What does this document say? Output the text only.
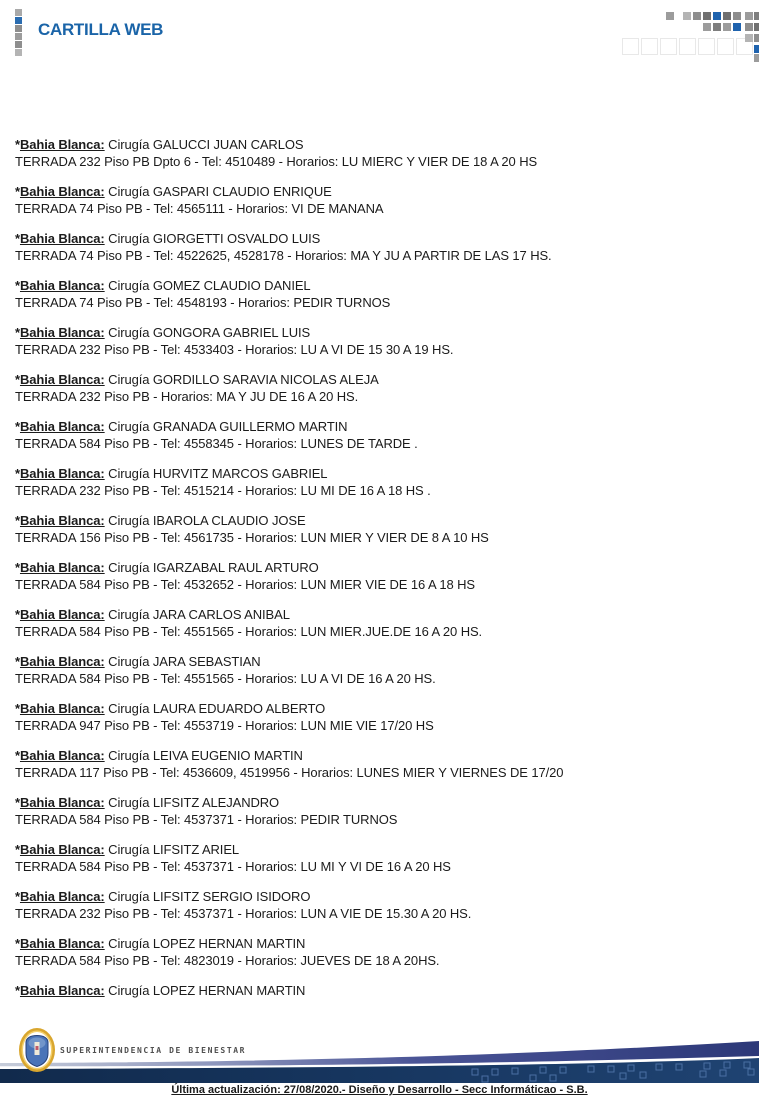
CARTILLA WEB
*Bahia Blanca: Cirugía GALUCCI JUAN CARLOS
TERRADA 232 Piso PB Dpto 6 - Tel: 4510489 - Horarios: LU MIERC Y VIER DE 18 A 20 HS
*Bahia Blanca: Cirugía GASPARI CLAUDIO ENRIQUE
TERRADA 74 Piso PB - Tel: 4565111 - Horarios: VI DE MANANA
*Bahia Blanca: Cirugía GIORGETTI OSVALDO LUIS
TERRADA 74 Piso PB - Tel: 4522625, 4528178 - Horarios: MA Y JU A PARTIR DE LAS 17 HS.
*Bahia Blanca: Cirugía GOMEZ CLAUDIO DANIEL
TERRADA 74 Piso PB - Tel: 4548193 - Horarios: PEDIR TURNOS
*Bahia Blanca: Cirugía GONGORA GABRIEL LUIS
TERRADA 232 Piso PB - Tel: 4533403 - Horarios: LU A VI DE 15 30 A 19 HS.
*Bahia Blanca: Cirugía GORDILLO SARAVIA NICOLAS ALEJA
TERRADA 232 Piso PB - Horarios: MA Y JU DE 16 A 20 HS.
*Bahia Blanca: Cirugía GRANADA GUILLERMO MARTIN
TERRADA 584 Piso PB - Tel: 4558345 - Horarios: LUNES DE TARDE .
*Bahia Blanca: Cirugía HURVITZ MARCOS GABRIEL
TERRADA 232 Piso PB - Tel: 4515214 - Horarios: LU MI DE 16 A 18 HS .
*Bahia Blanca: Cirugía IBAROLA CLAUDIO JOSE
TERRADA 156 Piso PB - Tel: 4561735 - Horarios: LUN MIER Y VIER DE 8 A 10 HS
*Bahia Blanca: Cirugía IGARZABAL RAUL ARTURO
TERRADA 584 Piso PB - Tel: 4532652 - Horarios: LUN MIER VIE DE 16 A 18 HS
*Bahia Blanca: Cirugía JARA CARLOS ANIBAL
TERRADA 584 Piso PB - Tel: 4551565 - Horarios: LUN MIER.JUE.DE 16 A 20 HS.
*Bahia Blanca: Cirugía JARA SEBASTIAN
TERRADA 584 Piso PB - Tel: 4551565 - Horarios: LU A VI DE 16 A 20 HS.
*Bahia Blanca: Cirugía LAURA EDUARDO ALBERTO
TERRADA 947 Piso PB - Tel: 4553719 - Horarios: LUN MIE VIE 17/20 HS
*Bahia Blanca: Cirugía LEIVA EUGENIO MARTIN
TERRADA 117 Piso PB - Tel: 4536609, 4519956 - Horarios: LUNES MIER Y VIERNES DE 17/20
*Bahia Blanca: Cirugía LIFSITZ ALEJANDRO
TERRADA 584 Piso PB - Tel: 4537371 - Horarios: PEDIR TURNOS
*Bahia Blanca: Cirugía LIFSITZ ARIEL
TERRADA 584 Piso PB - Tel: 4537371 - Horarios: LU MI Y VI DE 16 A 20 HS
*Bahia Blanca: Cirugía LIFSITZ SERGIO ISIDORO
TERRADA 232 Piso PB - Tel: 4537371 - Horarios: LUN A VIE DE 15.30 A 20 HS.
*Bahia Blanca: Cirugía LOPEZ HERNAN MARTIN
TERRADA 584 Piso PB - Tel: 4823019 - Horarios: JUEVES DE 18 A 20HS.
*Bahia Blanca: Cirugía LOPEZ HERNAN MARTIN
SUPERINTENDENCIA DE BIENESTAR
Última actualización: 27/08/2020.- Diseño y Desarrollo - Secc Informáticao - S.B.
